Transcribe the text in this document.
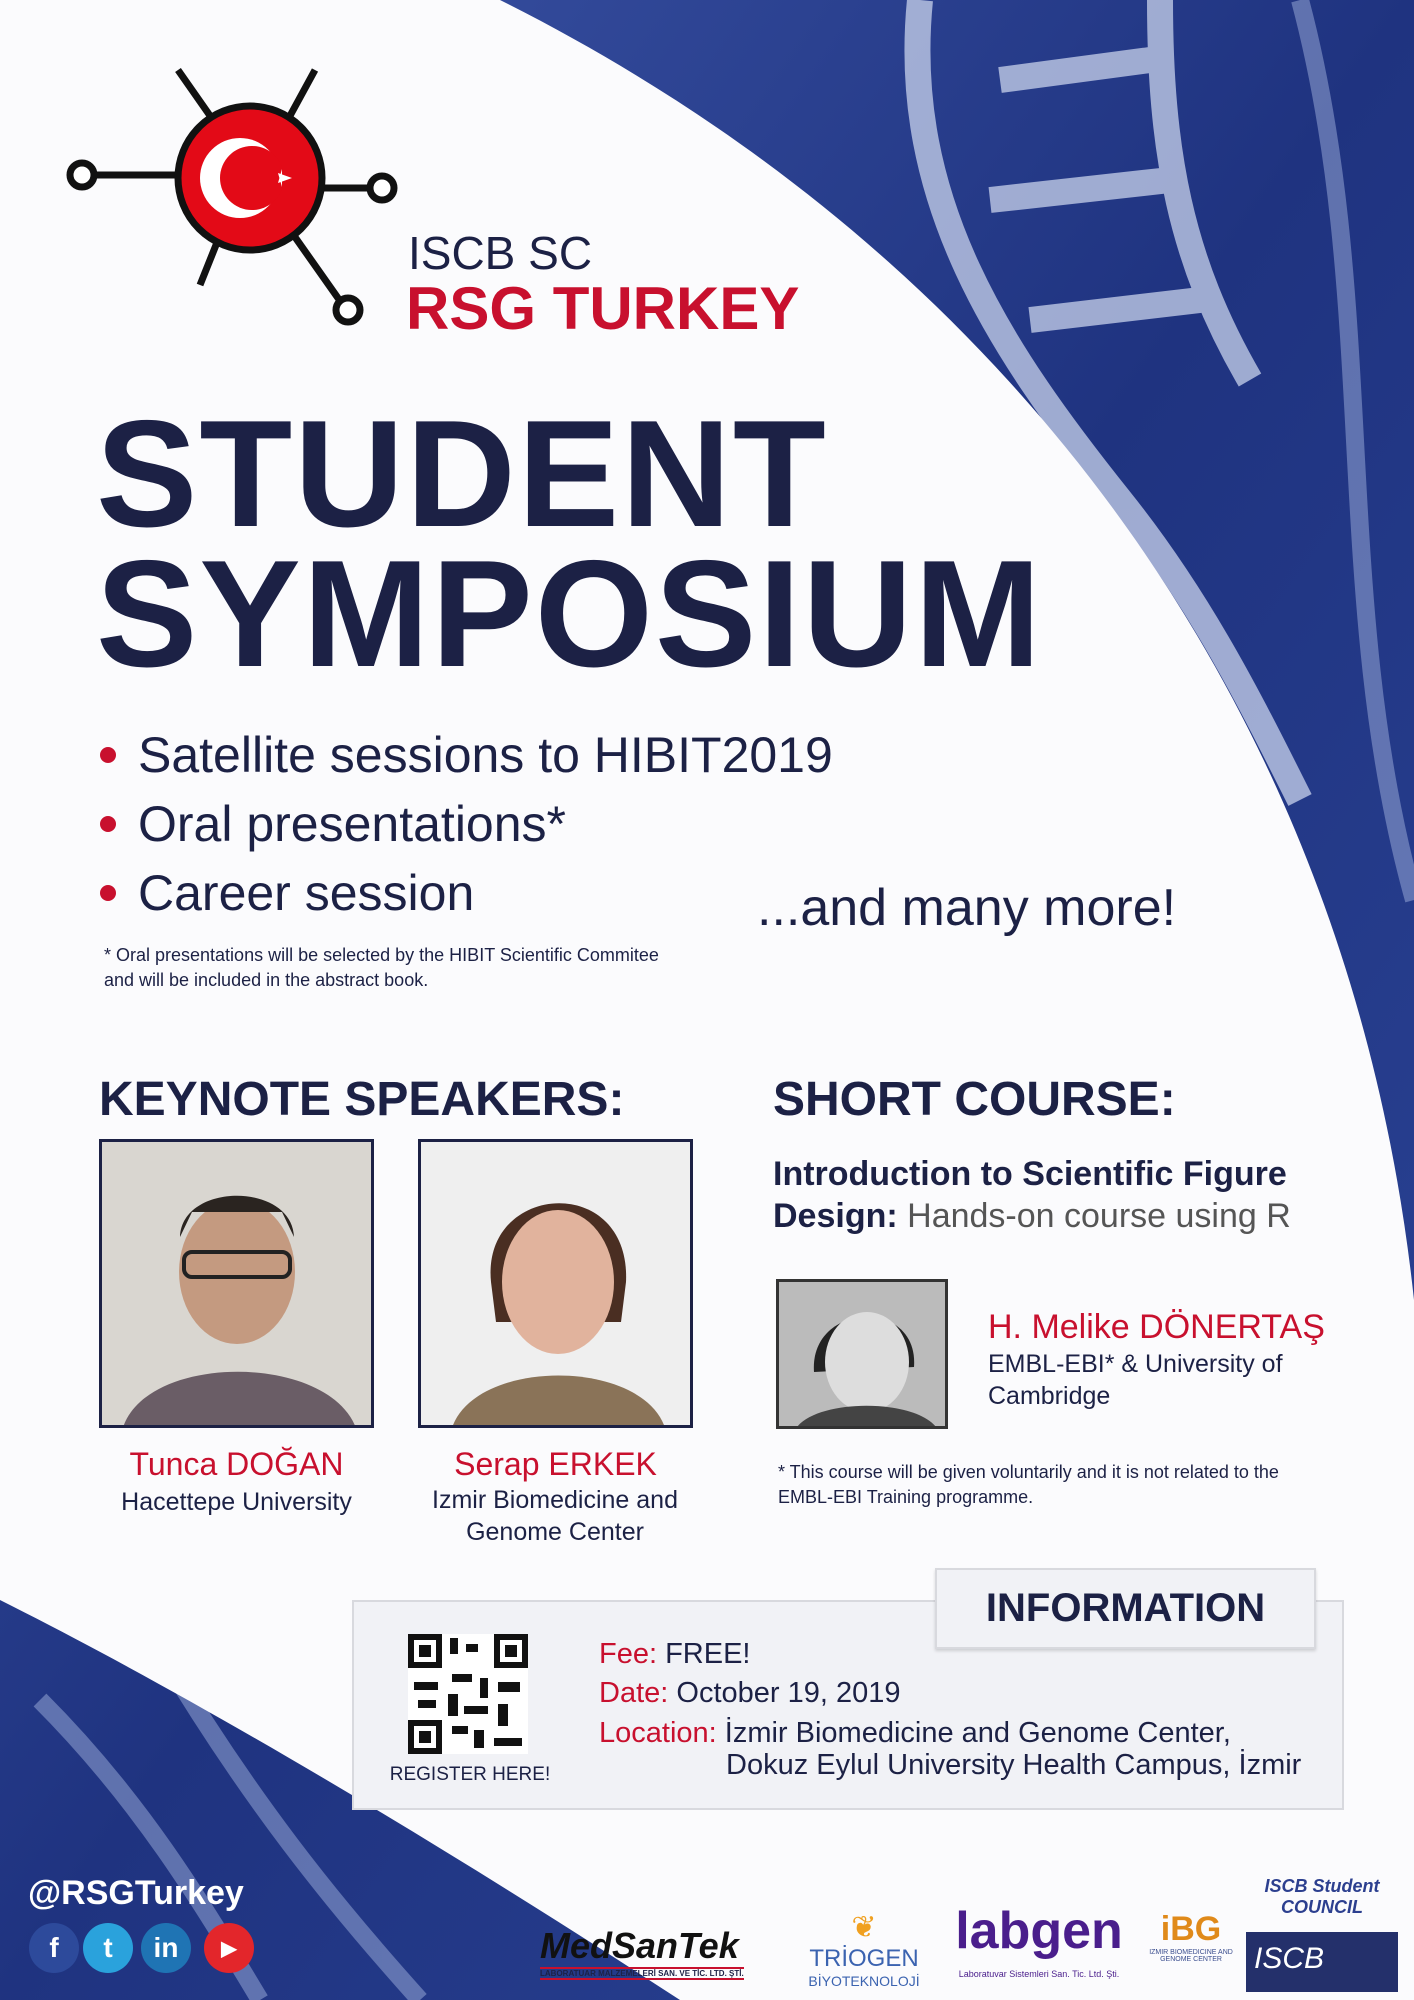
ISCB SC
RSG TURKEY
STUDENT
SYMPOSIUM
Satellite sessions to HIBIT2019
Oral presentations*
Career session	...and many more!
* Oral presentations will be selected by the HIBIT Scientific Commitee and will be included in the abstract book.
KEYNOTE SPEAKERS:
Tunca DOĞAN
Hacettepe University
Serap ERKEK
Izmir Biomedicine and Genome Center
SHORT COURSE:
Introduction to Scientific Figure Design: Hands-on course using R
H. Melike DÖNERTAŞ
EMBL-EBI* & University of Cambridge
* This course will be given voluntarily and it is not related to the EMBL-EBI Training programme.
INFORMATION
REGISTER HERE!
Fee: FREE!
Date: October 19, 2019
Location: İzmir Biomedicine and Genome Center,
Dokuz Eylul University Health Campus, İzmir
@RSGTurkey
f	t	in	▶	MedSanTek
LABORATUAR MALZEMELERİ SAN. VE TİC. LTD. ŞTİ.
❦
TRİOGEN
BİYOTEKNOLOJİ
labgen
Laboratuvar Sistemleri San. Tic. Ltd. Şti.
iBG
IZMIR BIOMEDICINE AND GENOME CENTER
ISCB Student COUNCIL
ISCB
